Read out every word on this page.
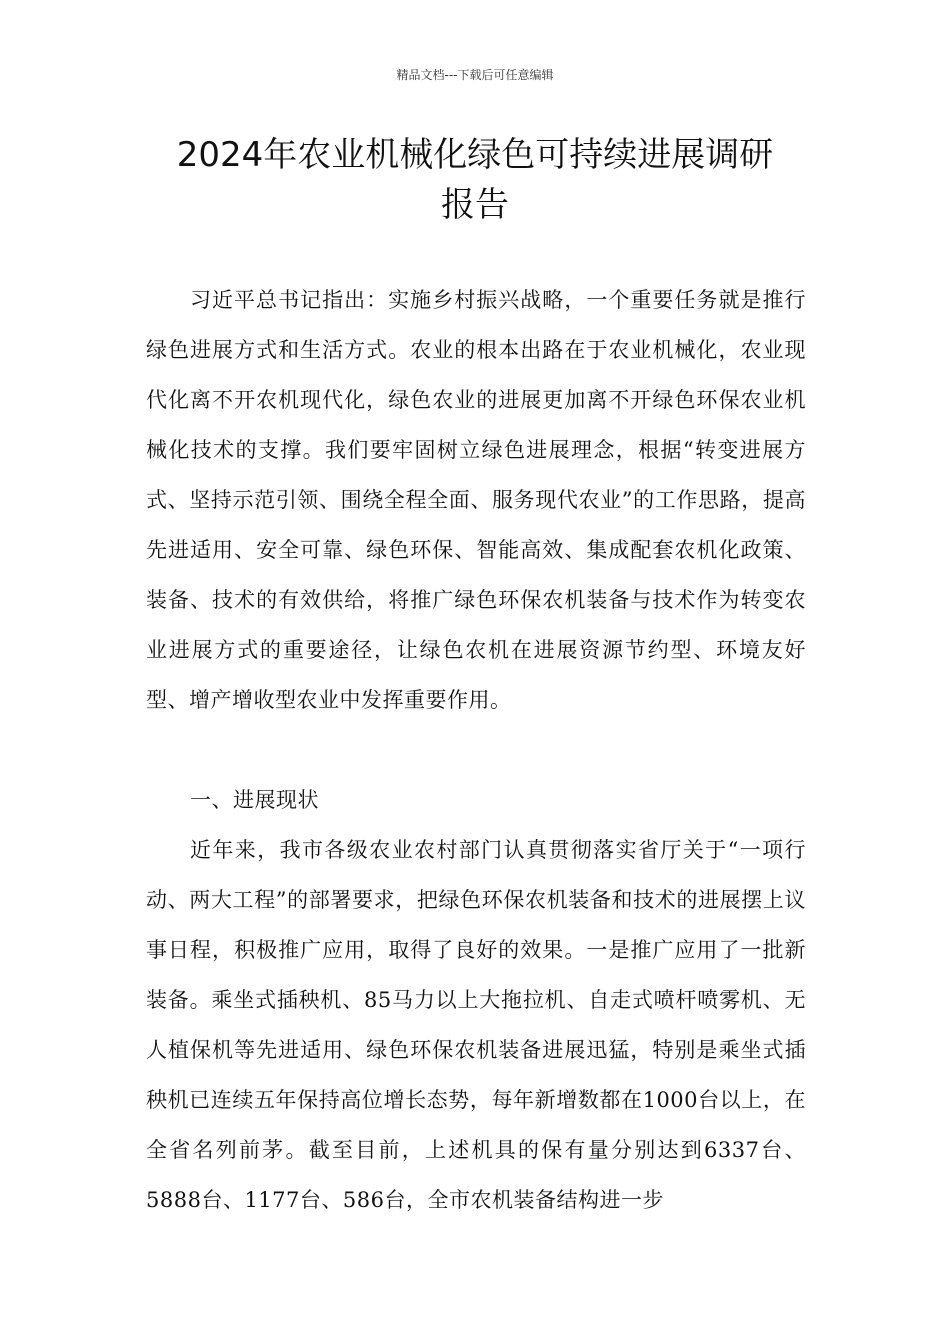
精品文档---下载后可任意编辑
2024年农业机械化绿色可持续进展调研
报告

习近平总书记指出：实施乡村振兴战略，一个重要任务就是推行绿色进展方式和生活方式。农业的根本出路在于农业机械化，农业现代化离不开农机现代化，绿色农业的进展更加离不开绿色环保农业机械化技术的支撑。我们要牢固树立绿色进展理念，根据“转变进展方式、坚持示范引领、围绕全程全面、服务现代农业”的工作思路，提高先进适用、安全可靠、绿色环保、智能高效、集成配套农机化政策、装备、技术的有效供给，将推广绿色环保农机装备与技术作为转变农业进展方式的重要途径，让绿色农机在进展资源节约型、环境友好型、增产增收型农业中发挥重要作用。

一、进展现状

近年来，我市各级农业农村部门认真贯彻落实省厅关于“一项行动、两大工程”的部署要求，把绿色环保农机装备和技术的进展摆上议事日程，积极推广应用，取得了良好的效果。一是推广应用了一批新装备。乘坐式插秧机、85马力以上大拖拉机、自走式喷杆喷雾机、无人植保机等先进适用、绿色环保农机装备进展迅猛，特别是乘坐式插秧机已连续五年保持高位增长态势，每年新增数都在1000台以上，在全省名列前茅。截至目前，上述机具的保有量分别达到6337台、5888台、1177台、586台，全市农机装备结构进一步
